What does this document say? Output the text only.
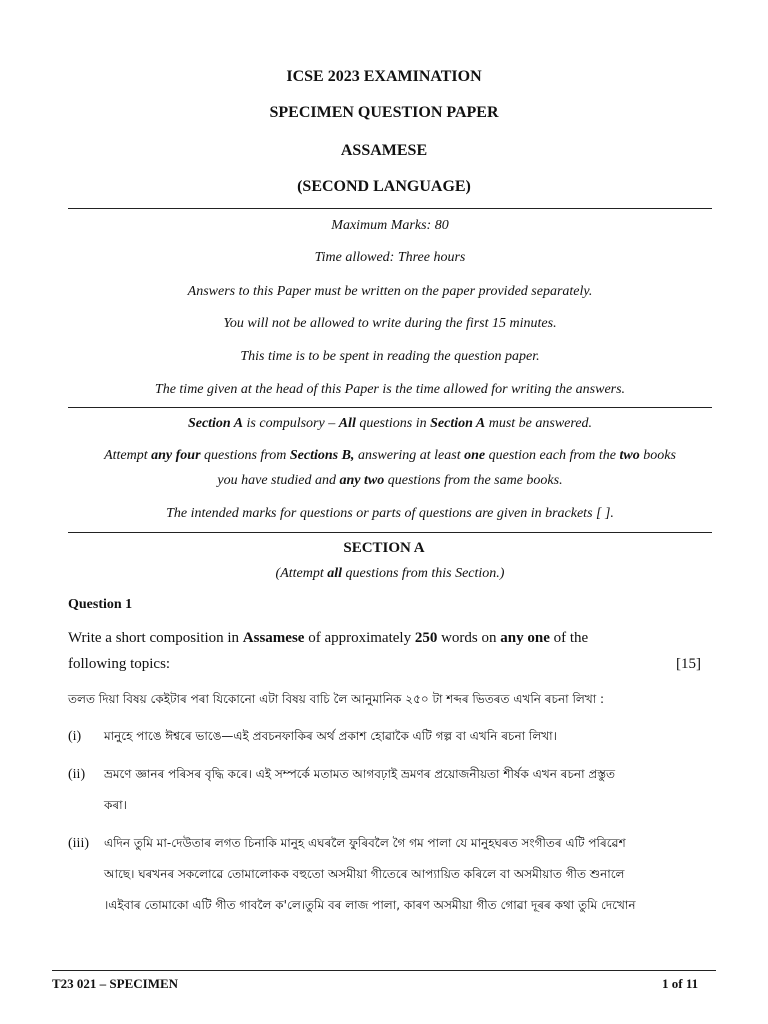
ICSE 2023 EXAMINATION
SPECIMEN QUESTION PAPER
ASSAMESE
(SECOND LANGUAGE)
Maximum Marks: 80
Time allowed: Three hours
Answers to this Paper must be written on the paper provided separately.
You will not be allowed to write during the first 15 minutes.
This time is to be spent in reading the question paper.
The time given at the head of this Paper is the time allowed for writing the answers.
Section A is compulsory – All questions in Section A must be answered.
Attempt any four questions from Sections B, answering at least one question each from the two books
you have studied and any two questions from the same books.
The intended marks for questions or parts of questions are given in brackets [ ].
SECTION A
(Attempt all questions from this Section.)
Question 1
Write a short composition in Assamese of approximately 250 words on any one of the
following topics:	[15]
তলত দিয়া বিষয় কেইটাৰ পৰা যিকোনো এটা বিষয় বাচি লৈ আনুমানিক ২৫০ টা শব্দৰ ভিতৰত এখনি ৰচনা লিখা :
(i) মানুহে পাঙে ঈশ্বৰে ভাঙে—এই প্ৰবচনফাকিৰ অৰ্থ প্ৰকাশ হোৱাকৈ এটি গল্প বা এখনি ৰচনা লিখা।
(ii) ভ্ৰমণে জ্ঞানৰ পৰিসৰ বৃদ্ধি কৰে। এই সম্পৰ্কে মতামত আগবঢ়াই ভ্ৰমণৰ প্ৰয়োজনীয়তা শীৰ্ষক এখন ৰচনা প্ৰস্তুত
কৰা।
(iii) এদিন তুমি মা-দেউতাৰ লগত চিনাকি মানুহ এঘৰলৈ ফুৰিবলৈ গৈ গম পালা যে মানুহঘৰত সংগীতৰ এটি পৰিৱেশ
আছে। ঘৰখনৰ সকলোৱে তোমালোকক বহুতো অসমীয়া গীতেৰে আপ্যায়িত কৰিলে বা অসমীয়াত গীত শুনালে
।এইবাৰ তোমাকো এটি গীত গাবলৈ ক'লে।তুমি বৰ লাজ পালা, কাৰণ অসমীয়া গীত গোৱা দূৰৰ কথা তুমি দেখোন
T23 021 – SPECIMEN	1 of 11
